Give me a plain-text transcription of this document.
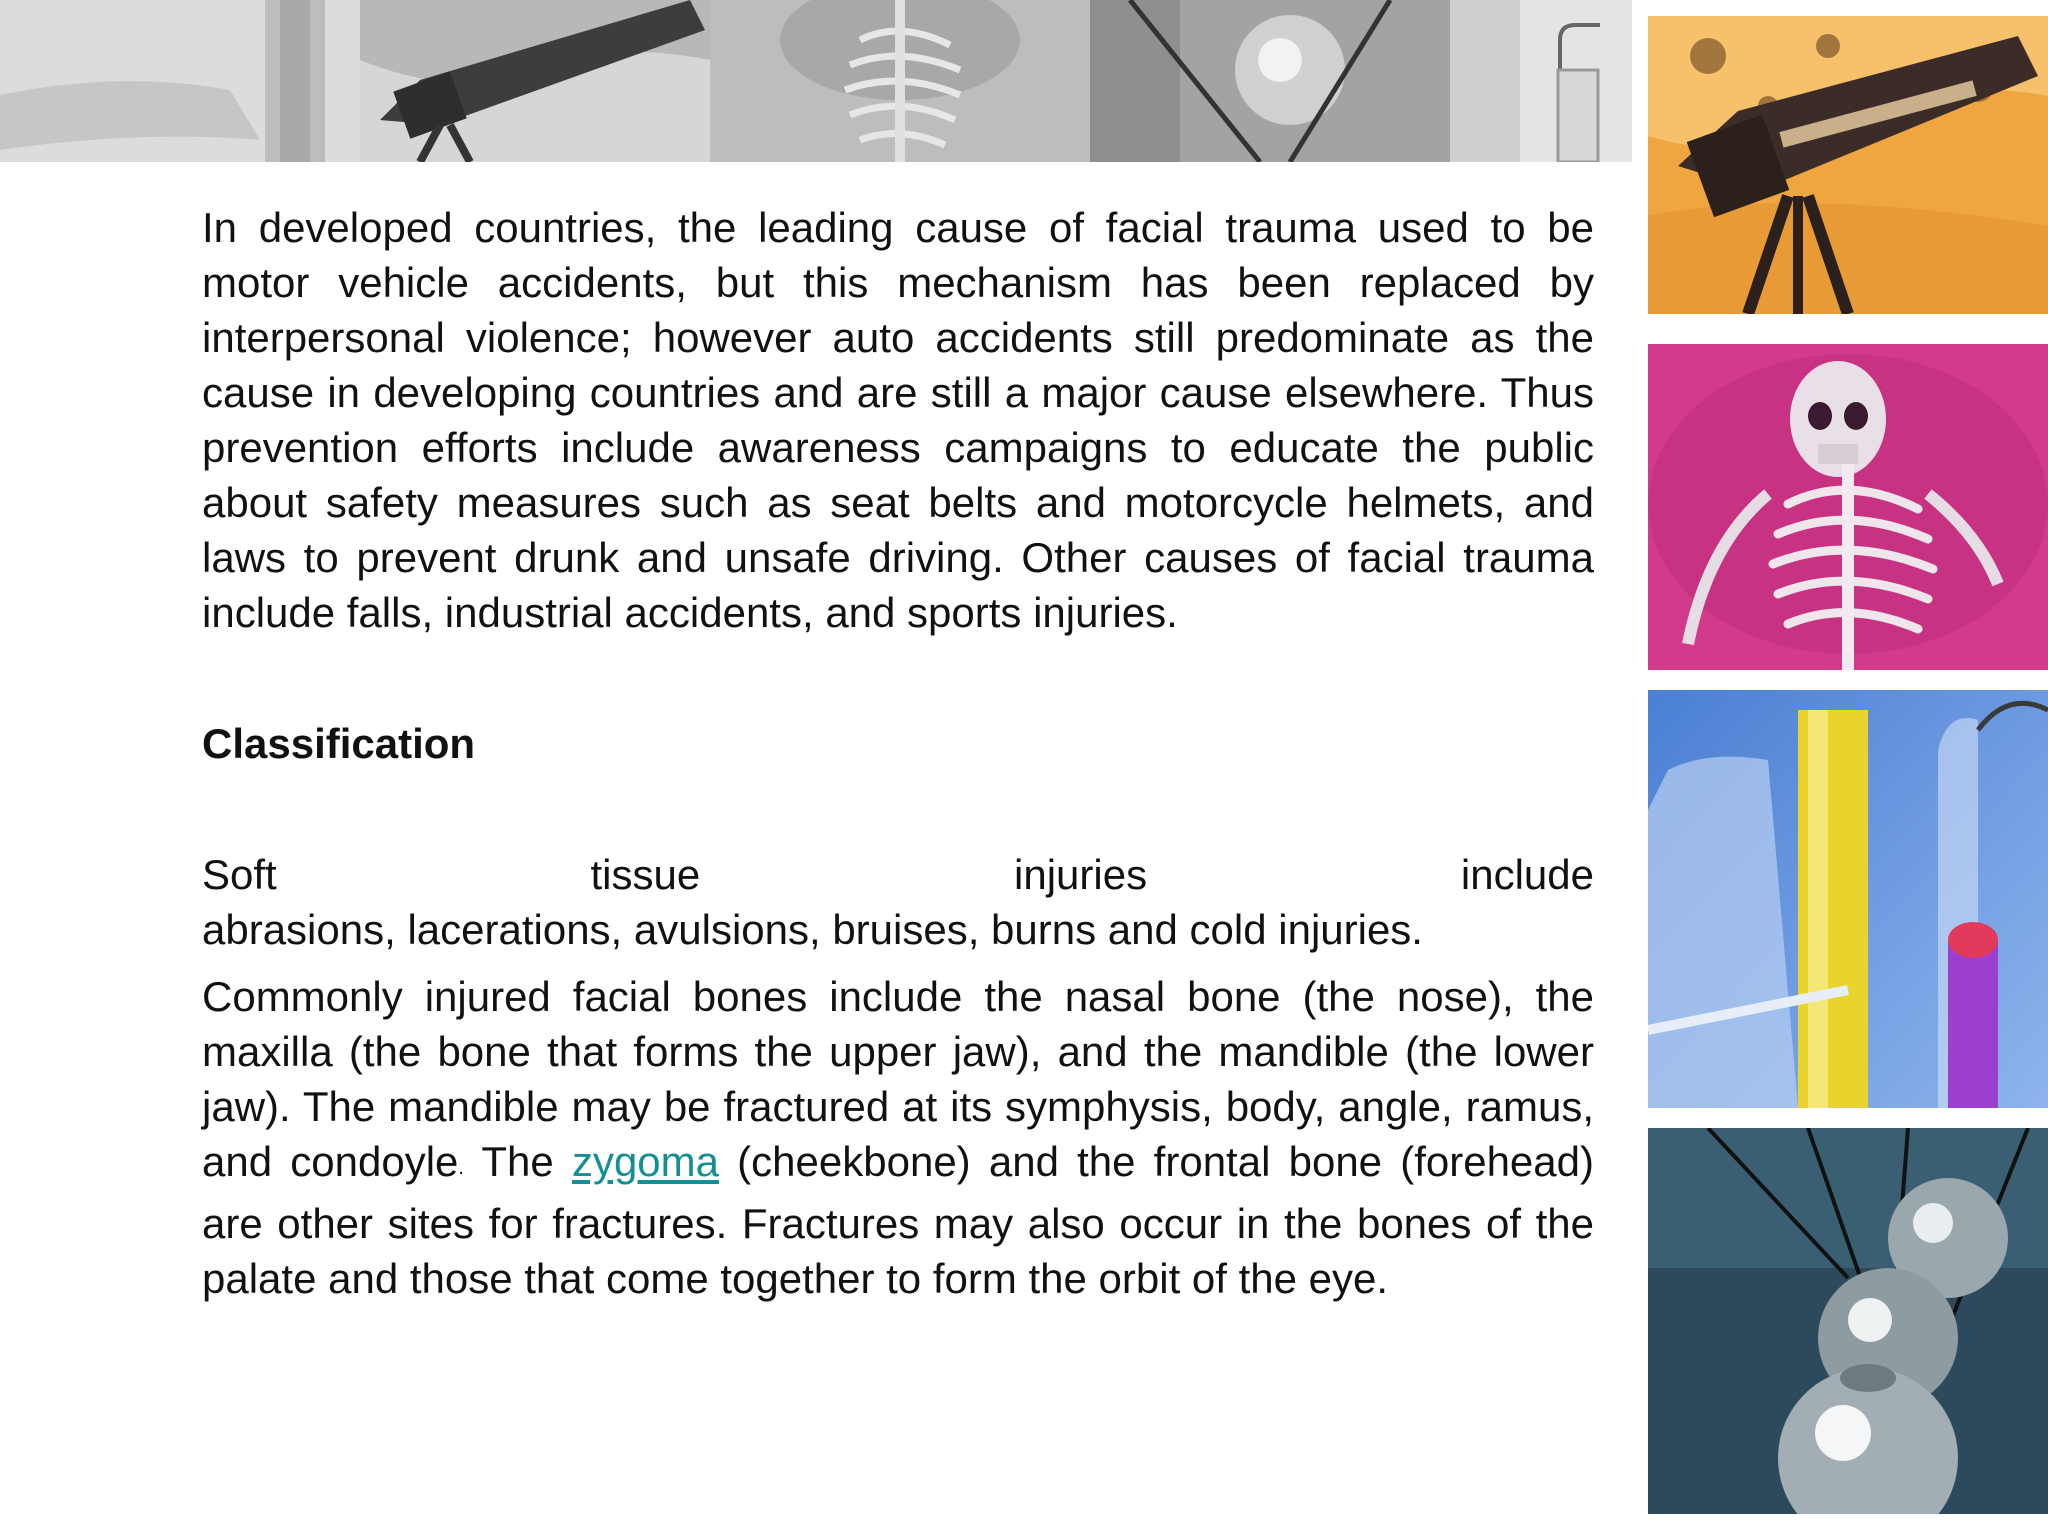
In developed countries, the leading cause of facial trauma used to be motor vehicle accidents, but this mechanism has been replaced by interpersonal violence; however auto accidents still predominate as the cause in developing countries and are still a major cause elsewhere. Thus prevention efforts include awareness campaigns to educate the public about safety measures such as seat belts and motorcycle helmets, and laws to prevent drunk and unsafe driving. Other causes of facial trauma include falls, industrial accidents, and sports injuries.

Classification
Soft	tissue	injuries	include
abrasions, lacerations, avulsions, bruises, burns and cold injuries.

Commonly injured facial bones include the nasal bone (the nose), the maxilla (the bone that forms the upper jaw), and the mandible (the lower jaw). The mandible may be fractured at its symphysis, body, angle, ramus, and condoyle. The zygoma (cheekbone) and the frontal bone (forehead) are other sites for fractures. Fractures may also occur in the bones of the palate and those that come together to form the orbit of the eye.
